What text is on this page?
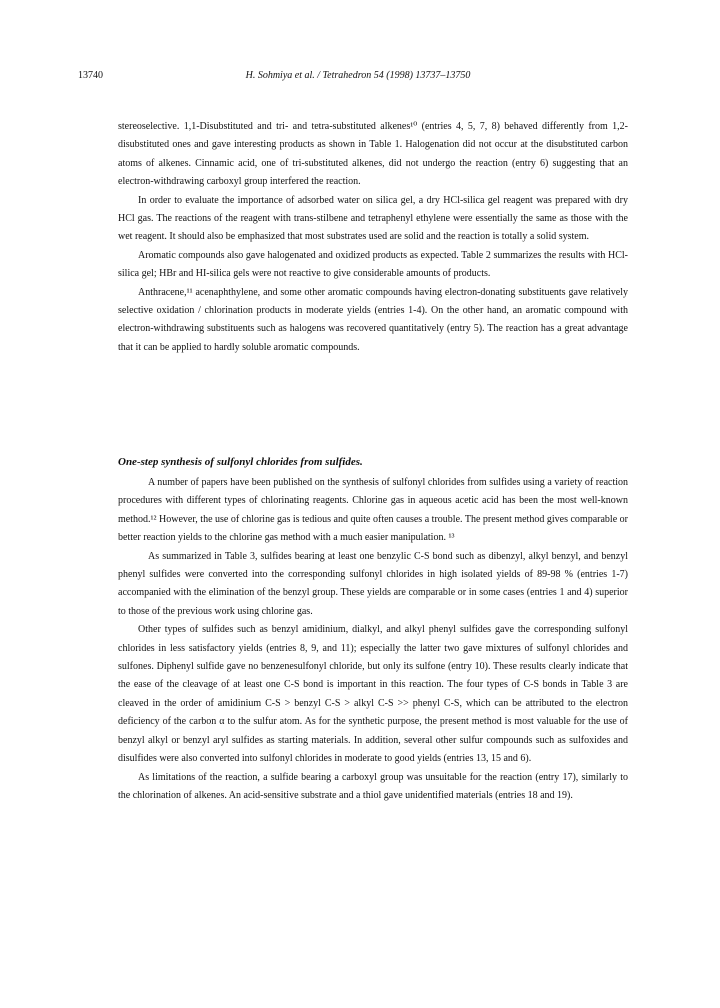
13740	H. Sohmiya et al. / Tetrahedron 54 (1998) 13737–13750

stereoselective. 1,1-Disubstituted and tri- and tetra-substituted alkenes¹⁰ (entries 4, 5, 7, 8) behaved differently from 1,2-disubstituted ones and gave interesting products as shown in Table 1. Halogenation did not occur at the disubstituted carbon atoms of alkenes. Cinnamic acid, one of tri-substituted alkenes, did not undergo the reaction (entry 6) suggesting that an electron-withdrawing carboxyl group interfered the reaction.

In order to evaluate the importance of adsorbed water on silica gel, a dry HCl-silica gel reagent was prepared with dry HCl gas. The reactions of the reagent with trans-stilbene and tetraphenyl ethylene were essentially the same as those with the wet reagent. It should also be emphasized that most substrates used are solid and the reaction is totally a solid system.

Aromatic compounds also gave halogenated and oxidized products as expected. Table 2 summarizes the results with HCl-silica gel; HBr and HI-silica gels were not reactive to give considerable amounts of products.

Anthracene,¹¹ acenaphthylene, and some other aromatic compounds having electron-donating substituents gave relatively selective oxidation / chlorination products in moderate yields (entries 1-4). On the other hand, an aromatic compound with electron-withdrawing substituents such as halogens was recovered quantitatively (entry 5). The reaction has a great advantage that it can be applied to hardly soluble aromatic compounds.

One-step synthesis of sulfonyl chlorides from sulfides.

A number of papers have been published on the synthesis of sulfonyl chlorides from sulfides using a variety of reaction procedures with different types of chlorinating reagents. Chlorine gas in aqueous acetic acid has been the most well-known method.¹² However, the use of chlorine gas is tedious and quite often causes a trouble. The present method gives comparable or better reaction yields to the chlorine gas method with a much easier manipulation. ¹³

As summarized in Table 3, sulfides bearing at least one benzylic C-S bond such as dibenzyl, alkyl benzyl, and benzyl phenyl sulfides were converted into the corresponding sulfonyl chlorides in high isolated yields of 89-98 % (entries 1-7) accompanied with the elimination of the benzyl group. These yields are comparable or in some cases (entries 1 and 4) superior to those of the previous work using chlorine gas.

Other types of sulfides such as benzyl amidinium, dialkyl, and alkyl phenyl sulfides gave the corresponding sulfonyl chlorides in less satisfactory yields (entries 8, 9, and 11); especially the latter two gave mixtures of sulfonyl chlorides and sulfones. Diphenyl sulfide gave no benzenesulfonyl chloride, but only its sulfone (entry 10). These results clearly indicate that the ease of the cleavage of at least one C-S bond is important in this reaction. The four types of C-S bonds in Table 3 are cleaved in the order of amidinium C-S > benzyl C-S > alkyl C-S >> phenyl C-S, which can be attributed to the electron deficiency of the carbon α to the sulfur atom. As for the synthetic purpose, the present method is most valuable for the use of benzyl alkyl or benzyl aryl sulfides as starting materials. In addition, several other sulfur compounds such as sulfoxides and disulfides were also converted into sulfonyl chlorides in moderate to good yields (entries 13, 15 and 6).

As limitations of the reaction, a sulfide bearing a carboxyl group was unsuitable for the reaction (entry 17), similarly to the chlorination of alkenes. An acid-sensitive substrate and a thiol gave unidentified materials (entries 18 and 19).
